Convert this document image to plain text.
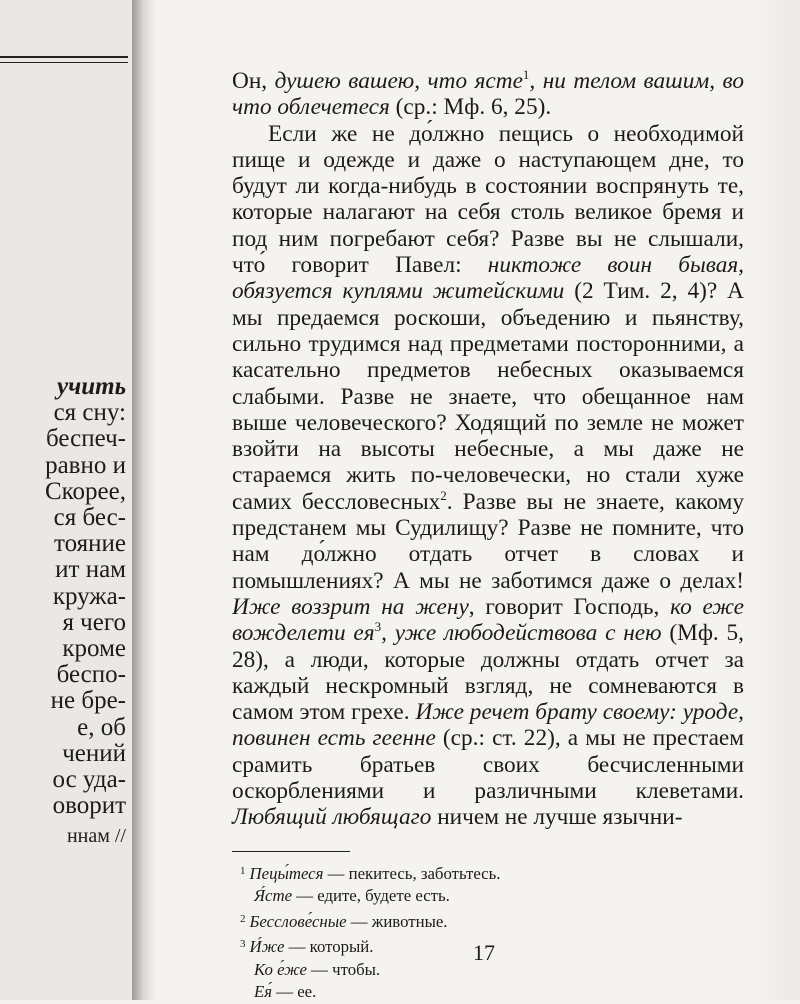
учить
ся сну:
беспеч-
равно и
Скорее,
ся бес-
тояние
ит нам
кружа-
я чего
кроме
беспо-
не бре-
е, об
чений
ос уда-
оворит
ннам //

Он, душею вашею, что ясте$^1$, ни телом вашим, во что облечетеся (ср.: Мф. 6, 25).

Если же не до́лжно пещись о необходимой пище и одежде и даже о наступающем дне, то будут ли когда-нибудь в состоянии воспрянуть те, которые налагают на себя столь великое бремя и под ним погребают себя? Разве вы не слышали, что́ говорит Павел: никтоже воин бывая, обязуется куплями житейскими (2 Тим. 2, 4)? А мы предаемся роскоши, объедению и пьянству, сильно трудимся над предметами посторонними, а касательно предметов небесных оказываемся слабыми. Разве не знаете, что обещанное нам выше человеческого? Ходящий по земле не может взойти на высоты небесные, а мы даже не стараемся жить по-человечески, но стали хуже самих бессловесных$^2$. Разве вы не знаете, какому предстанем мы Судилищу? Разве не помните, что нам до́лжно отдать отчет в словах и помышлениях? А мы не заботимся даже о делах! Иже воззрит на жену, говорит Господь, ко еже вожделети $ея^3$, уже любодействова с нею (Мф. 5, 28), а люди, которые должны отдать отчет за каждый нескромный взгляд, не сомневаются в самом этом грехе. Иже речет брату своему: уроде, повинен есть геенне (ср.: ст. 22), а мы не престаем срамить братьев своих бесчисленными оскорблениями и различными клеветами. Любящий любящаго ничем не лучше язычни-

$^1$ Пецы́теся — пекитесь, заботьтесь.
Я́сте — едите, будете есть.
$^2$ Бесслове́сные — животные.
$^3$ И́же — который.
Ко е́же — чтобы.
Ея́ — ее.
17
